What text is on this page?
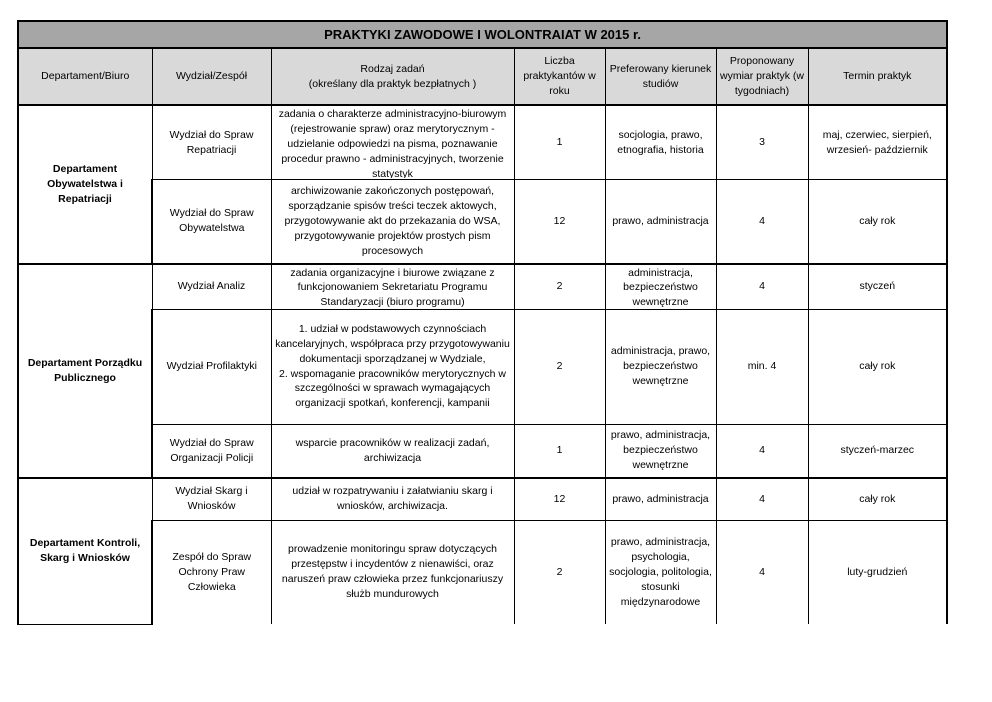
PRAKTYKI ZAWODOWE I WOLONTRAIAT W 2015 r.						
Departament/Biuro	Wydział/Zespół	Rodzaj zadań
(określany dla praktyk bezpłatnych )	Liczba praktykantów w roku	Preferowany kierunek studiów	Proponowany wymiar praktyk (w tygodniach)	Termin praktyk
Departament Obywatelstwa i Repatriacji	Wydział do Spraw Repatriacji	zadania o charakterze administracyjno-biurowym (rejestrowanie spraw) oraz merytorycznym - udzielanie odpowiedzi na pisma, poznawanie procedur prawno - administracyjnych, tworzenie statystyk	1	socjologia, prawo, etnografia, historia	3	maj, czerwiec, sierpień, wrzesień- październik

	Wydział do Spraw Obywatelstwa	archiwizowanie zakończonych postępowań, sporządzanie spisów treści teczek aktowych, przygotowywanie akt do przekazania do WSA, przygotowywanie projektów prostych pism procesowych	12	prawo, administracja	4	cały rok

Departament Porządku Publicznego	Wydział Analiz	zadania organizacyjne i biurowe związane z funkcjonowaniem Sekretariatu Programu Standaryzacji (biuro programu)	2	administracja, bezpieczeństwo wewnętrzne	4	styczeń

	Wydział Profilaktyki	1. udział w podstawowych czynnościach kancelaryjnych, współpraca przy przygotowywaniu dokumentacji sporządzanej w Wydziale,
2. wspomaganie pracowników merytorycznych w szczególności w sprawach wymagających organizacji spotkań, konferencji, kampanii	2	administracja, prawo, bezpieczeństwo wewnętrzne	min. 4	cały rok

	Wydział do Spraw Organizacji Policji	wsparcie pracowników w realizacji zadań, archiwizacja	1	prawo, administracja, bezpieczeństwo wewnętrzne	4	styczeń-marzec

Departament Kontroli, Skarg i Wniosków	Wydział Skarg i Wniosków	udział w rozpatrywaniu i załatwianiu skarg i wniosków, archiwizacja.	12	prawo, administracja	4	cały rok

	Zespół do Spraw Ochrony Praw Człowieka	prowadzenie monitoringu spraw dotyczących przestępstw i incydentów z nienawiści, oraz naruszeń praw człowieka przez funkcjonariuszy służb mundurowych	2	prawo, administracja, psychologia, socjologia, politologia, stosunki międzynarodowe	4	luty-grudzień
